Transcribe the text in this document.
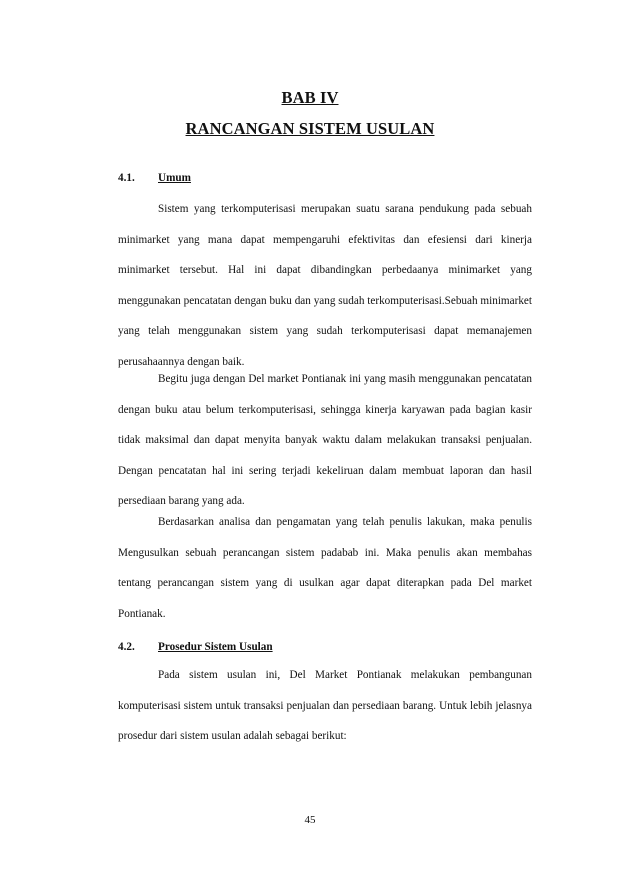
BAB IV
RANCANGAN SISTEM USULAN
4.1. Umum

Sistem yang terkomputerisasi merupakan suatu sarana pendukung pada sebuah minimarket yang mana dapat mempengaruhi efektivitas dan efesiensi dari kinerja minimarket tersebut. Hal ini dapat dibandingkan perbedaanya minimarket yang menggunakan pencatatan dengan buku dan yang sudah terkomputerisasi.Sebuah minimarket yang telah menggunakan sistem yang sudah terkomputerisasi dapat memanajemen perusahaannya dengan baik.

Begitu juga dengan Del market Pontianak ini yang masih menggunakan pencatatan dengan buku atau belum terkomputerisasi, sehingga kinerja karyawan pada bagian kasir tidak maksimal dan dapat menyita banyak waktu dalam melakukan transaksi penjualan. Dengan pencatatan hal ini sering terjadi kekeliruan dalam membuat laporan dan hasil persediaan barang yang ada.

Berdasarkan analisa dan pengamatan yang telah penulis lakukan, maka penulis Mengusulkan sebuah perancangan sistem padabab ini. Maka penulis akan membahas tentang perancangan sistem yang di usulkan agar dapat diterapkan pada Del market Pontianak.

4.2. Prosedur Sistem Usulan

Pada sistem usulan ini, Del Market Pontianak melakukan pembangunan komputerisasi sistem untuk transaksi penjualan dan persediaan barang. Untuk lebih jelasnya prosedur dari sistem usulan adalah sebagai berikut:

45
